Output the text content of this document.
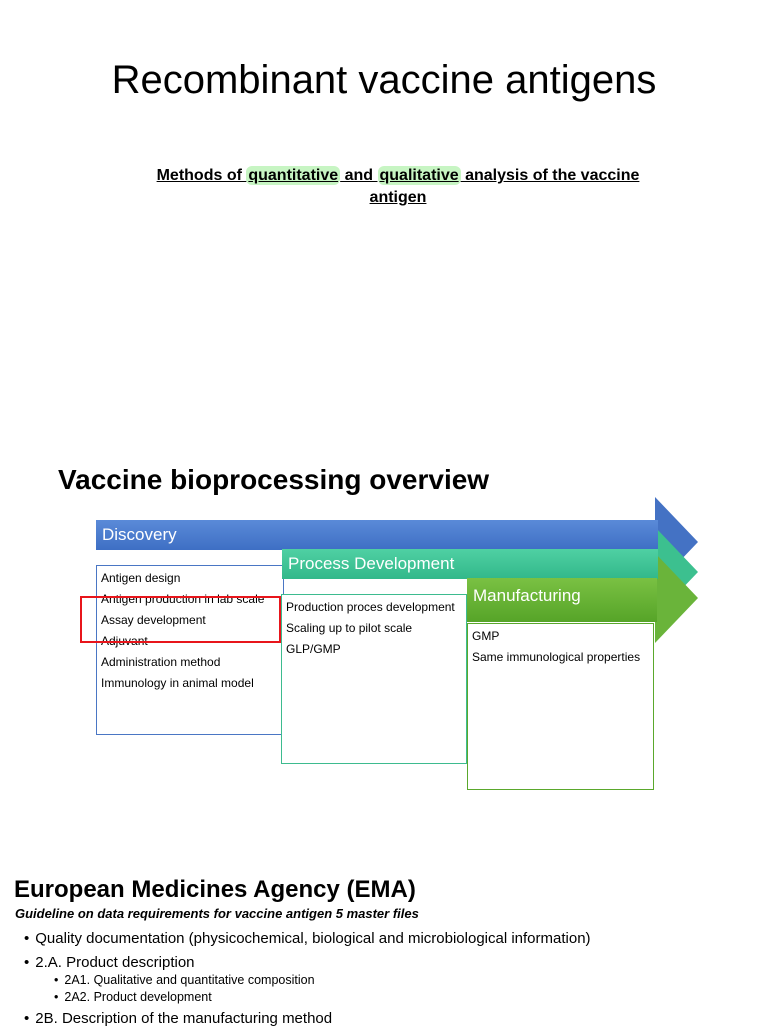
Recombinant vaccine antigens
Methods of quantitative and qualitative analysis of the vaccine antigen
Vaccine bioprocessing overview
Discovery
Antigen design
Antigen production in lab scale
Assay development
Adjuvant
Administration method
Immunology in animal model
Process Development
Production proces development
Scaling up to pilot scale
GLP/GMP
Manufacturing
GMP
Same immunological properties
European Medicines Agency (EMA)
Guideline on data requirements for vaccine antigen 5 master files
• Quality documentation (physicochemical, biological and microbiological information)
• 2.A. Product description
• 2A1. Qualitative and quantitative composition
• 2A2. Product development
• 2B. Description of the manufacturing method
